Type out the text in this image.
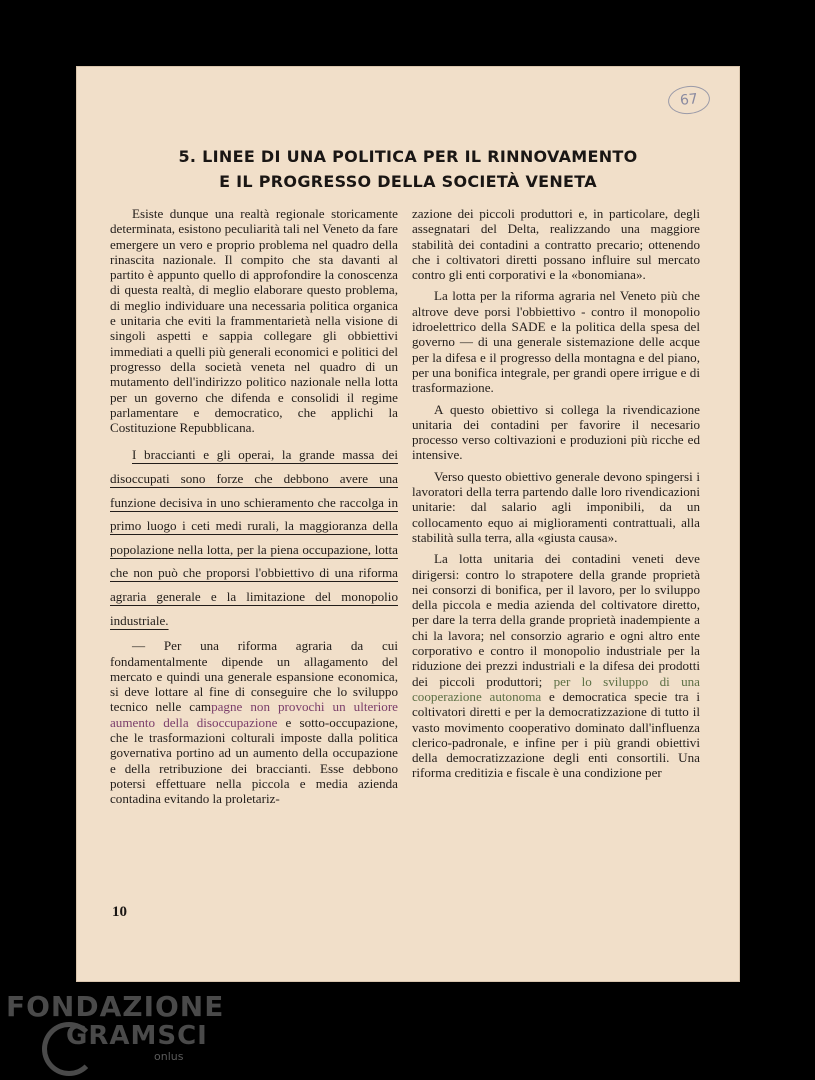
67
5. LINEE DI UNA POLITICA PER IL RINNOVAMENTO
E IL PROGRESSO DELLA SOCIETÀ VENETA

Esiste dunque una realtà regionale storicamente determinata, esistono peculiarità tali nel Veneto da fare emergere un vero e proprio problema nel quadro della rinascita nazionale. Il compito che sta davanti al partito è appunto quello di approfondire la conoscenza di questa realtà, di meglio elaborare questo problema, di meglio individuare una necessaria politica organica e unitaria che eviti la frammentarietà nella visione di singoli aspetti e sappia collegare gli obbiettivi immediati a quelli più generali economici e politici del progresso della società veneta nel quadro di un mutamento dell'indirizzo politico nazionale nella lotta per un governo che difenda e consolidi il regime parlamentare e democratico, che applichi la Costituzione Repubblicana.

I braccianti e gli operai, la grande massa dei disoccupati sono forze che debbono avere una funzione decisiva in uno schieramento che raccolga in primo luogo i ceti medi rurali, la maggioranza della popolazione nella lotta, per la piena occupazione, lotta che non può che proporsi l'obbiettivo di una riforma agraria generale e la limitazione del monopolio industriale.

— Per una riforma agraria da cui fondamentalmente dipende un allagamento del mercato e quindi una generale espansione economica, si deve lottare al fine di conseguire che lo sviluppo tecnico nelle campagne non provochi un ulteriore aumento della disoccupazione e sotto-occupazione, che le trasformazioni colturali imposte dalla politica governativa portino ad un aumento della occupazione e della retribuzione dei braccianti. Esse debbono potersi effettuare nella piccola e media azienda contadina evitando la proletariz-

zazione dei piccoli produttori e, in particolare, degli assegnatari del Delta, realizzando una maggiore stabilità dei contadini a contratto precario; ottenendo che i coltivatori diretti possano influire sul mercato contro gli enti corporativi e la «bonomiana».

La lotta per la riforma agraria nel Veneto più che altrove deve porsi l'obbiettivo - contro il monopolio idroelettrico della SADE e la politica della spesa del governo — di una generale sistemazione delle acque per la difesa e il progresso della montagna e del piano, per una bonifica integrale, per grandi opere irrigue e di trasformazione.

A questo obiettivo si collega la rivendicazione unitaria dei contadini per favorire il necesario processo verso coltivazioni e produzioni più ricche ed intensive.

Verso questo obiettivo generale devono spingersi i lavoratori della terra partendo dalle loro rivendicazioni unitarie: dal salario agli imponibili, da un collocamento equo ai miglioramenti contrattuali, alla stabilità sulla terra, alla «giusta causa».

La lotta unitaria dei contadini veneti deve dirigersi: contro lo strapotere della grande proprietà nei consorzi di bonifica, per il lavoro, per lo sviluppo della piccola e media azienda del coltivatore diretto, per dare la terra della grande proprietà inadempiente a chi la lavora; nel consorzio agrario e ogni altro ente corporativo e contro il monopolio industriale per la riduzione dei prezzi industriali e la difesa dei prodotti dei piccoli produttori; per lo sviluppo di una cooperazione autonoma e democratica specie tra i coltivatori diretti e per la democratizzazione di tutto il vasto movimento cooperativo dominato dall'influenza clerico-padronale, e infine per i più grandi obiettivi della democratizzazione degli enti consortili. Una riforma creditizia e fiscale è una condizione per

10
FONDAZIONE
GRAMSCI
onlus
